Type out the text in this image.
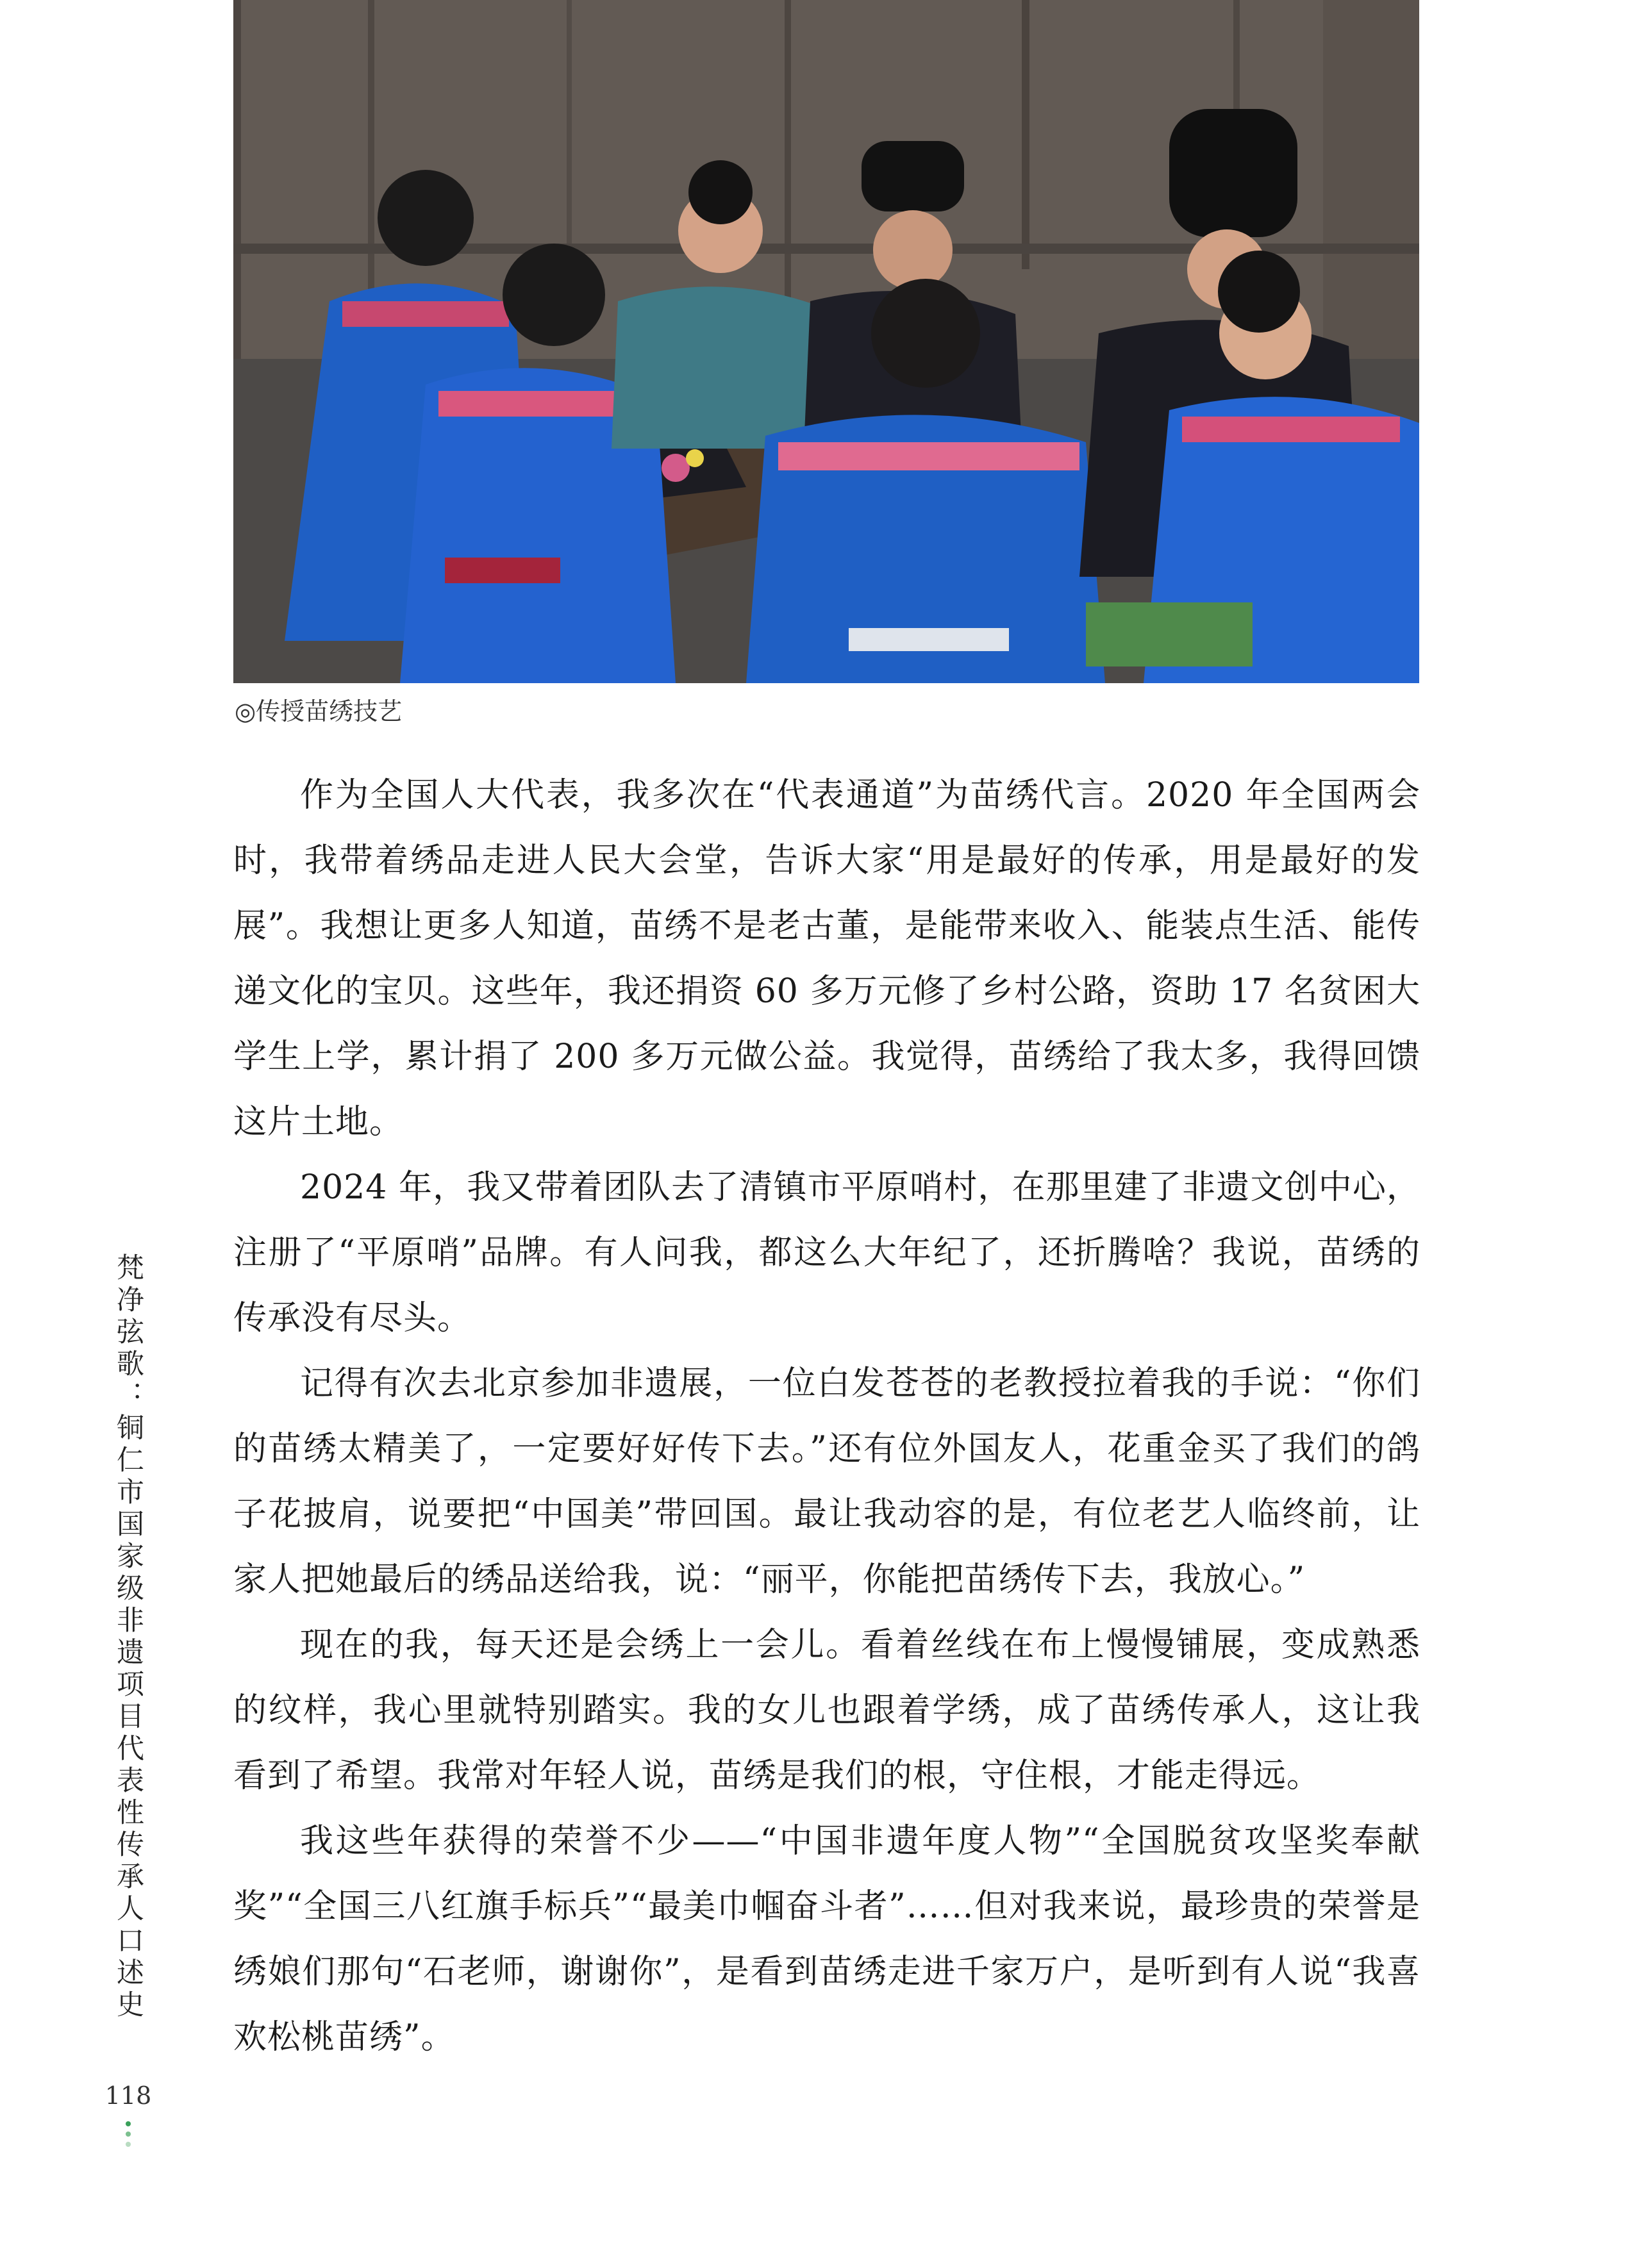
◎传授苗绣技艺

作为全国人大代表，我多次在“代表通道”为苗绣代言。2020 年全国两会时，我带着绣品走进人民大会堂，告诉大家“用是最好的传承，用是最好的发展”。我想让更多人知道，苗绣不是老古董，是能带来收入、能装点生活、能传递文化的宝贝。这些年，我还捐资 60 多万元修了乡村公路，资助 17 名贫困大学生上学，累计捐了 200 多万元做公益。我觉得，苗绣给了我太多，我得回馈这片土地。

2024 年，我又带着团队去了清镇市平原哨村，在那里建了非遗文创中心，注册了“平原哨”品牌。有人问我，都这么大年纪了，还折腾啥？我说，苗绣的传承没有尽头。

记得有次去北京参加非遗展，一位白发苍苍的老教授拉着我的手说：“你们的苗绣太精美了，一定要好好传下去。”还有位外国友人，花重金买了我们的鸽子花披肩，说要把“中国美”带回国。最让我动容的是，有位老艺人临终前，让家人把她最后的绣品送给我，说：“丽平，你能把苗绣传下去，我放心。”

现在的我，每天还是会绣上一会儿。看着丝线在布上慢慢铺展，变成熟悉的纹样，我心里就特别踏实。我的女儿也跟着学绣，成了苗绣传承人，这让我看到了希望。我常对年轻人说，苗绣是我们的根，守住根，才能走得远。

我这些年获得的荣誉不少——“中国非遗年度人物”“全国脱贫攻坚奖奉献奖”“全国三八红旗手标兵”“最美巾帼奋斗者”……但对我来说，最珍贵的荣誉是绣娘们那句“石老师，谢谢你”，是看到苗绣走进千家万户，是听到有人说“我喜欢松桃苗绣”。

梵净弦歌：铜仁市国家级非遗项目代表性传承人口述史
118
